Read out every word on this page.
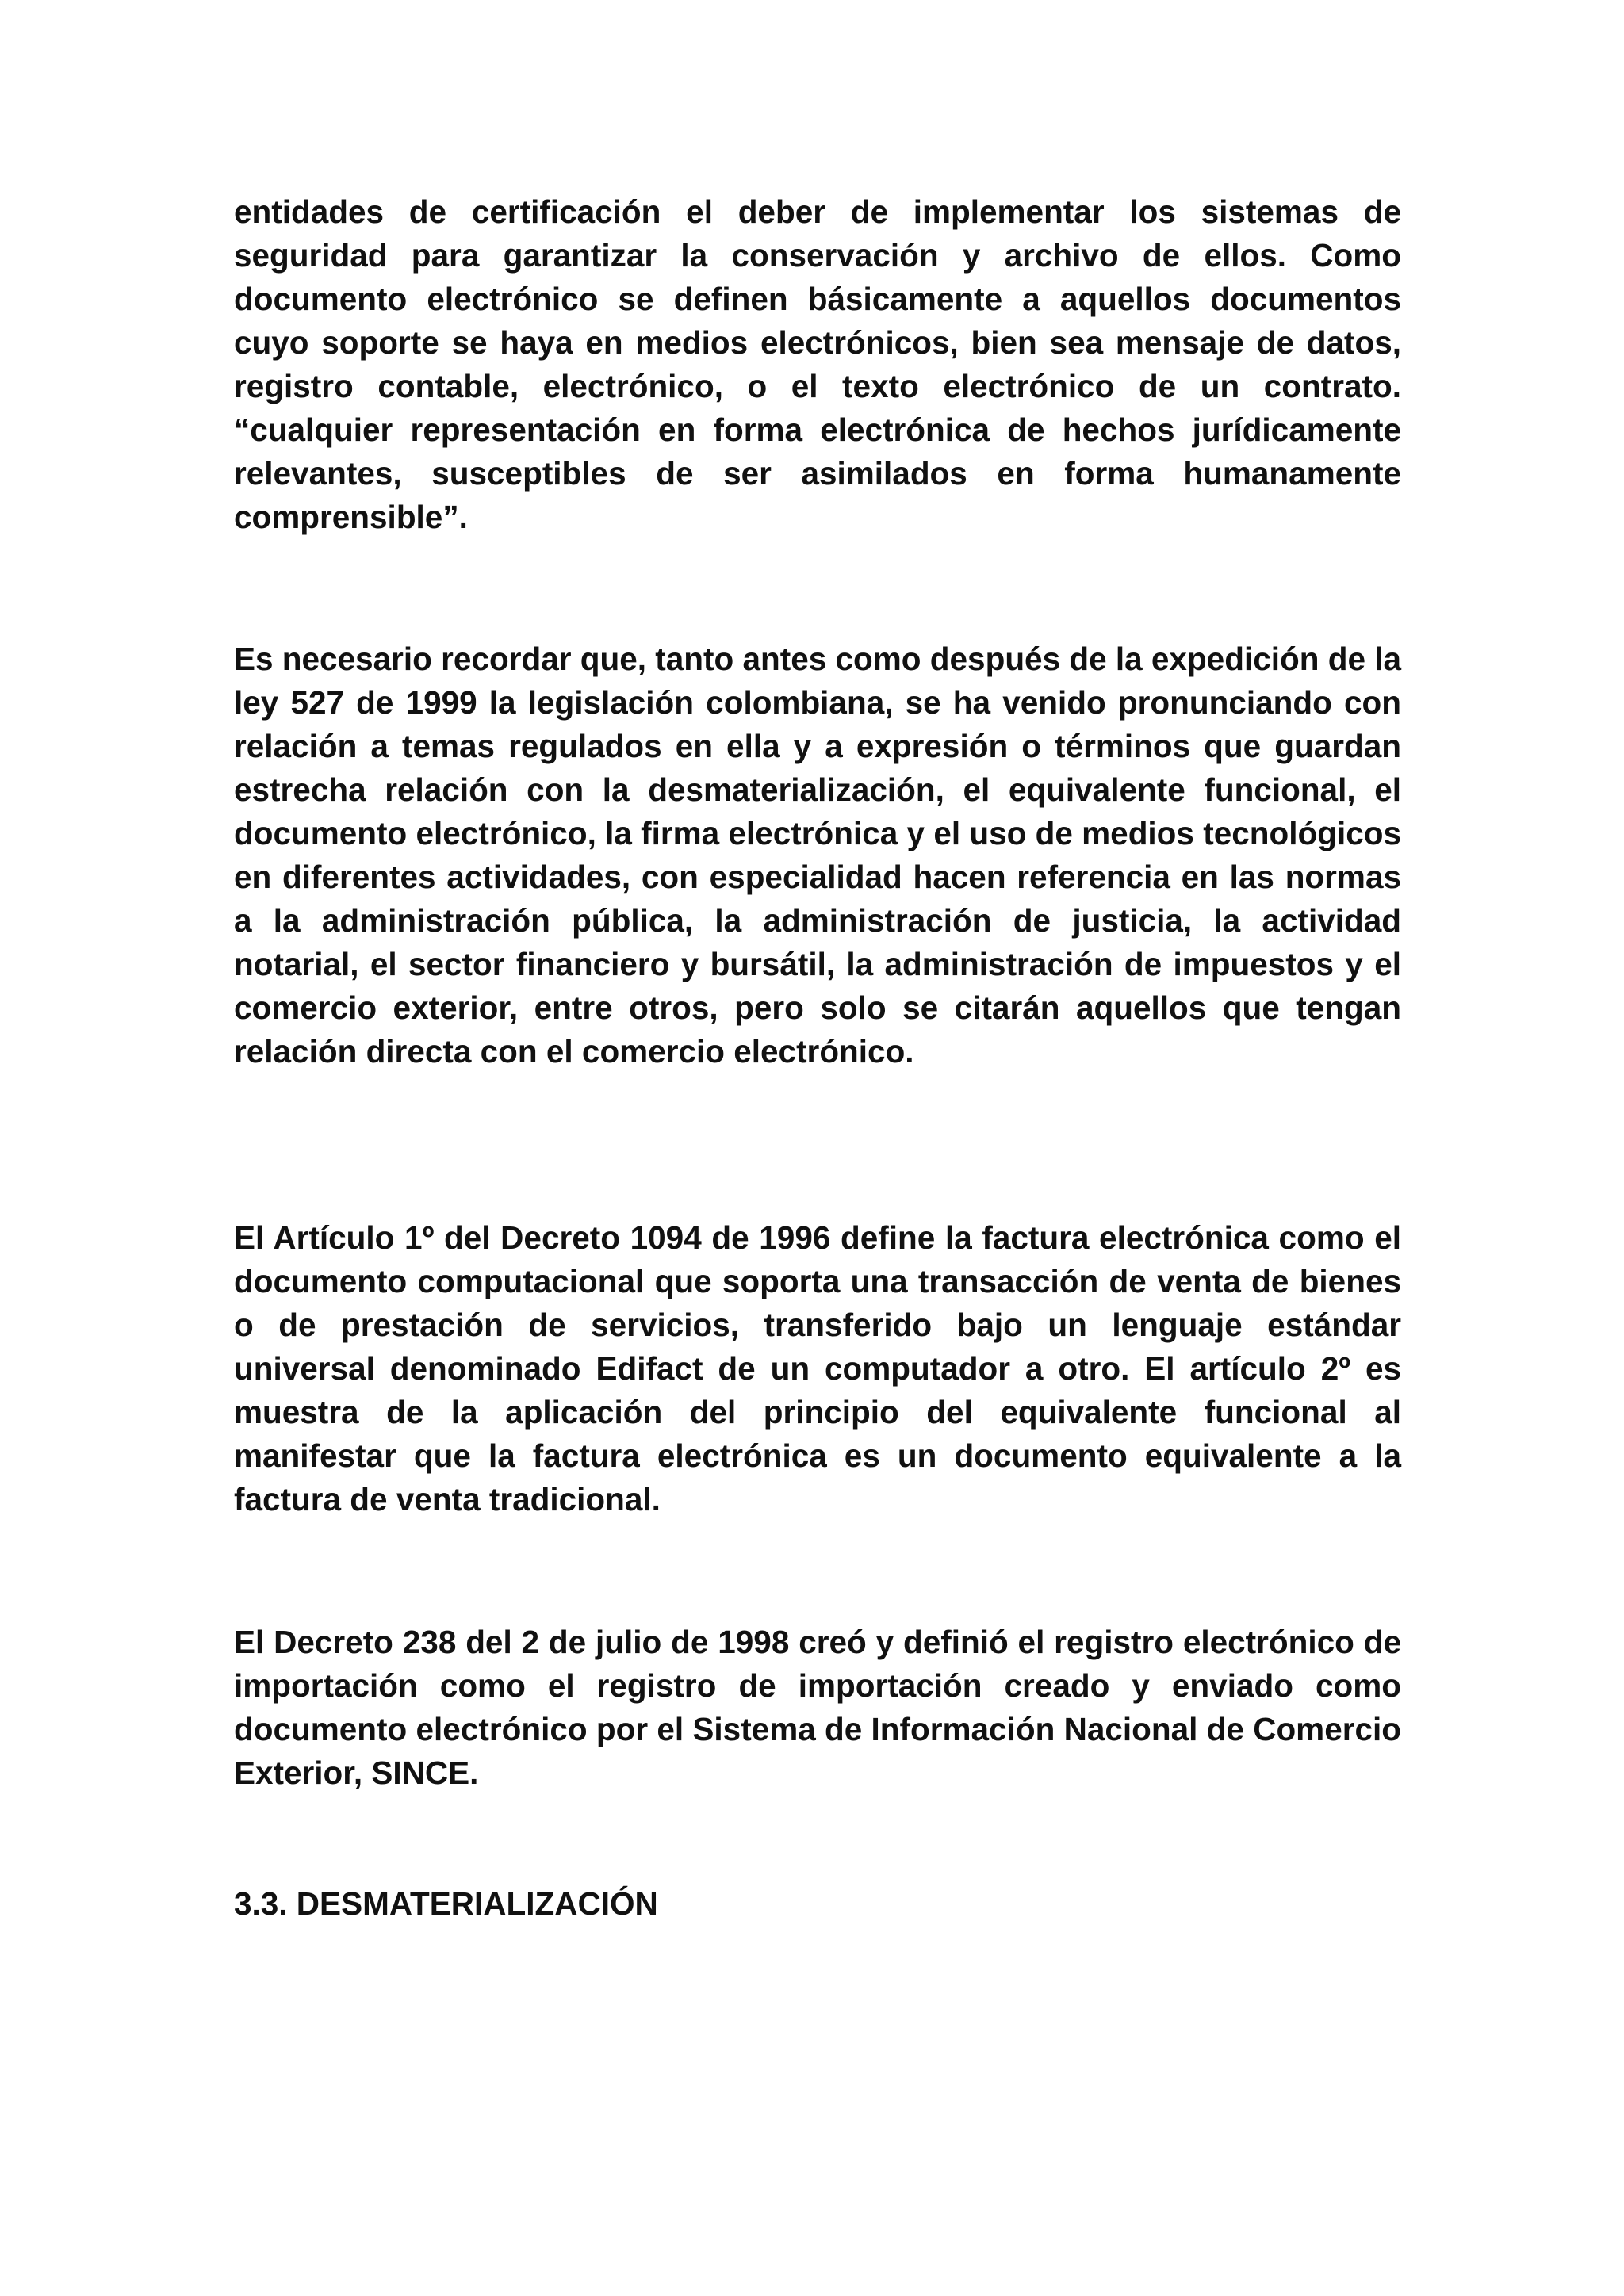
entidades de certificación el deber de implementar los sistemas de seguridad para garantizar la conservación y archivo de ellos. Como documento electrónico se definen básicamente a aquellos documentos cuyo soporte se haya en medios electrónicos, bien sea mensaje de datos, registro contable, electrónico, o el texto electrónico de un contrato. “cualquier representación en forma electrónica de hechos jurídicamente relevantes, susceptibles de ser asimilados en forma humanamente comprensible”.

Es necesario recordar que, tanto antes como después de la expedición de la ley 527 de 1999 la legislación colombiana, se ha venido pronunciando con relación a temas regulados en ella y a expresión o términos que guardan estrecha relación con la desmaterialización, el equivalente funcional, el documento electrónico, la firma electrónica y el uso de medios tecnológicos en diferentes actividades, con especialidad hacen referencia en las normas a la administración pública, la administración de justicia, la actividad notarial, el sector financiero y bursátil, la administración de impuestos y el comercio exterior, entre otros, pero solo se citarán aquellos que tengan relación directa con el comercio electrónico.

El Artículo 1º del Decreto 1094 de 1996 define la factura electrónica como el documento computacional que soporta una transacción de venta de bienes o de prestación de servicios, transferido bajo un lenguaje estándar universal denominado Edifact de un computador a otro. El artículo 2º es muestra de la aplicación del principio del equivalente funcional al manifestar que la factura electrónica es un documento equivalente a la factura de venta tradicional.

El Decreto 238 del 2 de julio de 1998 creó y definió el registro electrónico de importación como el registro de importación creado y enviado como documento electrónico por el Sistema de Información Nacional de Comercio Exterior, SINCE.

3.3. DESMATERIALIZACIÓN
